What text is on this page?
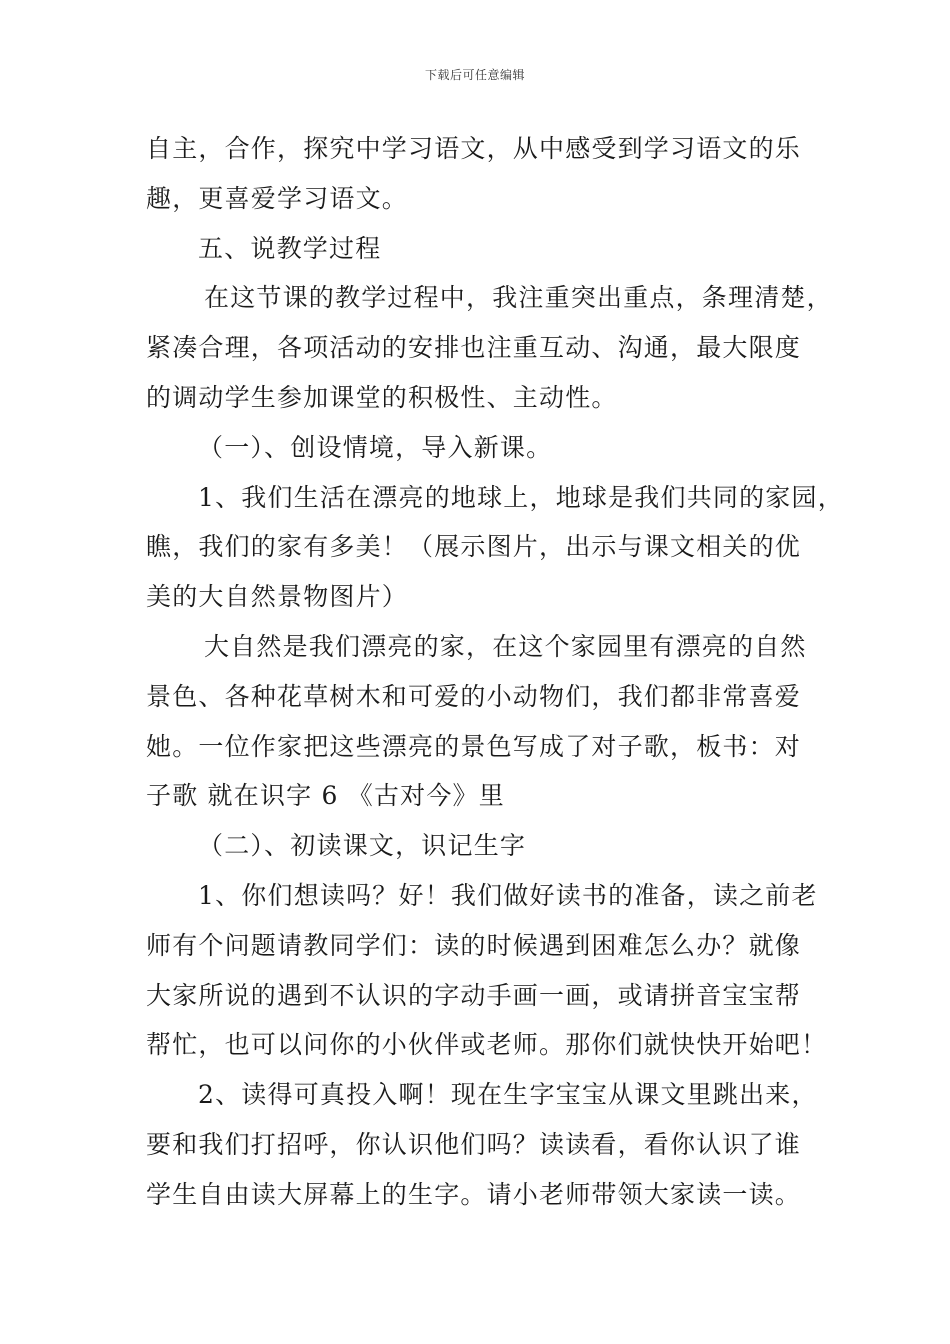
下载后可任意编辑
自主，合作，探究中学习语文，从中感受到学习语文的乐
趣，更喜爱学习语文。
五、说教学过程
在这节课的教学过程中，我注重突出重点，条理清楚，
紧凑合理，各项活动的安排也注重互动、沟通，最大限度
的调动学生参加课堂的积极性、主动性。
（一）、创设情境，导入新课。
1、我们生活在漂亮的地球上，地球是我们共同的家园，
瞧，我们的家有多美！（展示图片，出示与课文相关的优
美的大自然景物图片）
大自然是我们漂亮的家，在这个家园里有漂亮的自然
景色、各种花草树木和可爱的小动物们，我们都非常喜爱
她。一位作家把这些漂亮的景色写成了对子歌，板书：对
子歌 就在识字 6 《古对今》里
（二）、初读课文，识记生字
1、你们想读吗？好！我们做好读书的准备，读之前老
师有个问题请教同学们：读的时候遇到困难怎么办？就像
大家所说的遇到不认识的字动手画一画，或请拼音宝宝帮
帮忙，也可以问你的小伙伴或老师。那你们就快快开始吧！
2、读得可真投入啊！现在生字宝宝从课文里跳出来，
要和我们打招呼，你认识他们吗？读读看，看你认识了谁
学生自由读大屏幕上的生字。请小老师带领大家读一读。
